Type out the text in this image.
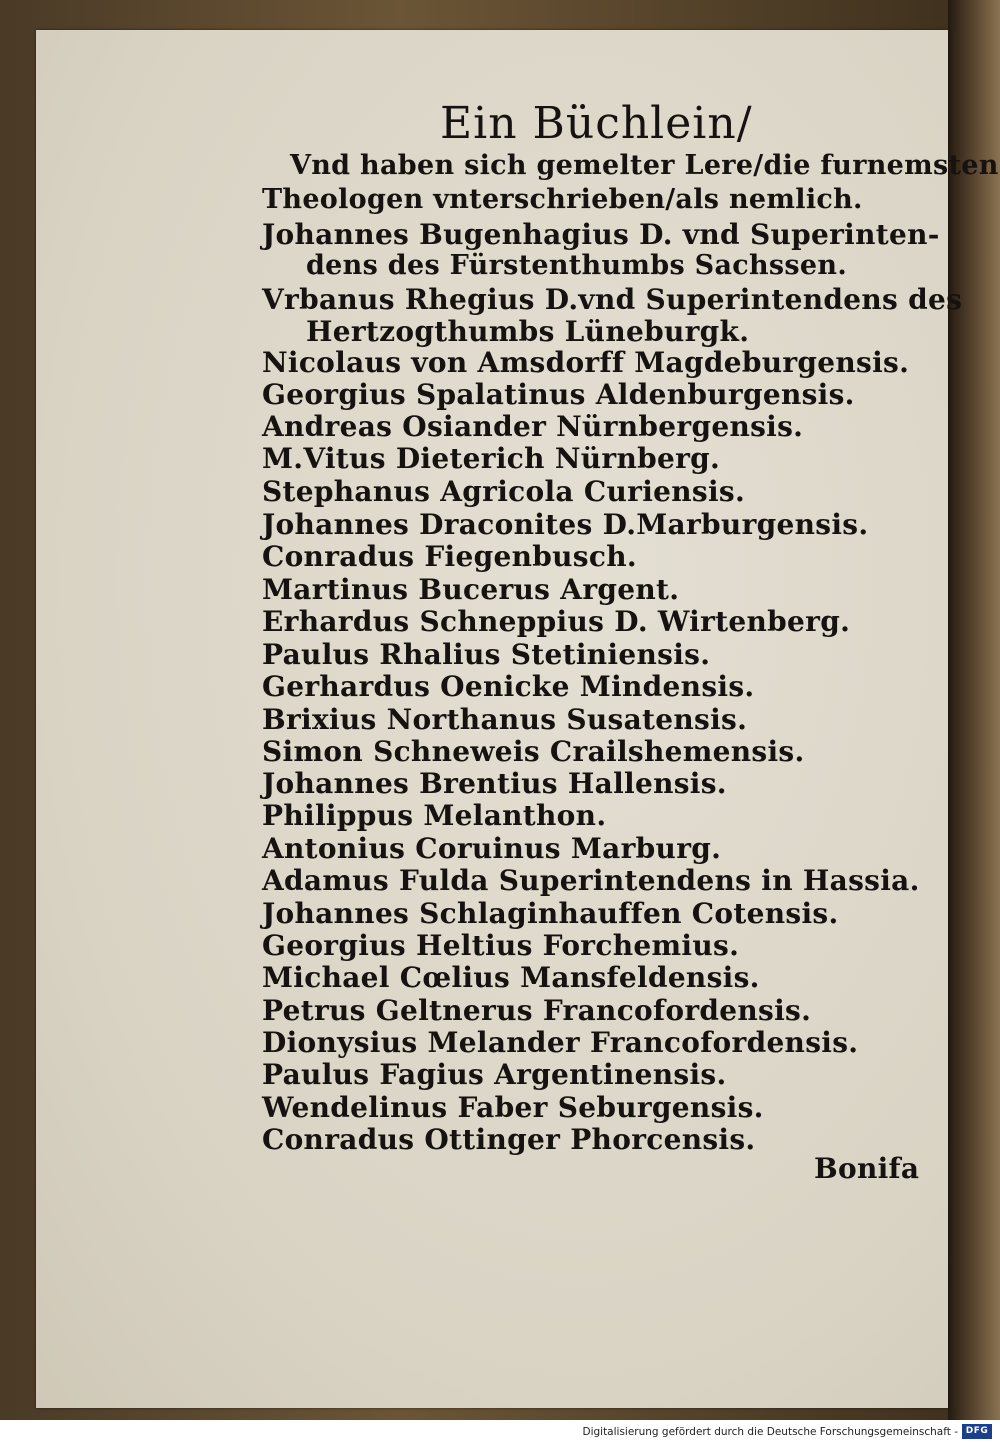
Ein Büchlein/
Vnd haben sich gemelter Lere/die furnemsten
Theologen vnterschrieben/als nemlich.
Johannes Bugenhagius D. vnd Superinten-
dens des Fürstenthumbs Sachssen.
Vrbanus Rhegius D.vnd Superintendens des
Hertzogthumbs Lüneburgk.
Nicolaus von Amsdorff Magdeburgensis.
Georgius Spalatinus Aldenburgensis.
Andreas Osiander Nürnbergensis.
M.Vitus Dieterich Nürnberg.
Stephanus Agricola Curiensis.
Johannes Draconites D.Marburgensis.
Conradus Fiegenbusch.
Martinus Bucerus Argent.
Erhardus Schneppius D. Wirtenberg.
Paulus Rhalius Stetiniensis.
Gerhardus Oenicke Mindensis.
Brixius Northanus Susatensis.
Simon Schneweis Crailshemensis.
Johannes Brentius Hallensis.
Philippus Melanthon.
Antonius Coruinus Marburg.
Adamus Fulda Superintendens in Hassia.
Johannes Schlaginhauffen Cotensis.
Georgius Heltius Forchemius.
Michael Cœlius Mansfeldensis.
Petrus Geltnerus Francofordensis.
Dionysius Melander Francofordensis.
Paulus Fagius Argentinensis.
Wendelinus Faber Seburgensis.
Conradus Ottinger Phorcensis.
Bonifa
Digitalisierung gefördert durch die Deutsche Forschungsgemeinschaft - DFG
